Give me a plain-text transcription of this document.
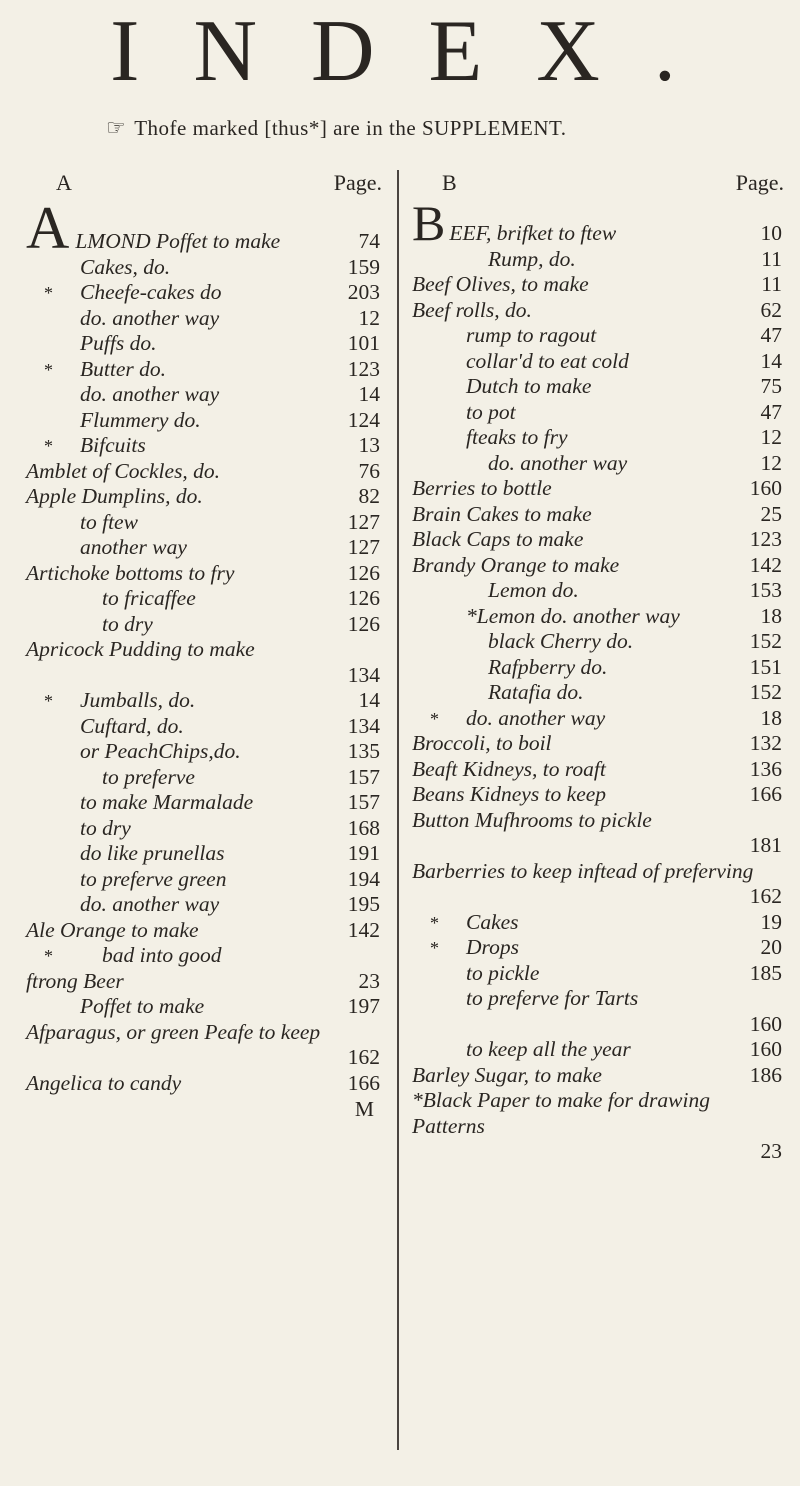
INDEX.
☞ Thofe marked [thus*] are in the SUPPLEMENT.
A	Page.
A LMOND Poffet to make	74
Cakes, do.	159
* Cheefe-cakes do	203
do. another way	12
Puffs do.	101
* Butter do.	123
do. another way	14
Flummery do.	124
* Bifcuits	13
Amblet of Cockles, do.	76
Apple Dumplins, do.	82
to ftew	127
another way	127
Artichoke bottoms to fry	126
to fricaffee	126
to dry	126
Apricock Pudding to make
134
* Jumballs, do.	14
Cuftard, do.	134
or PeachChips,do.	135
to preferve	157
to make Marmalade	157
to dry	168
do like prunellas	191
to preferve green	194
do. another way	195
Ale Orange to make	142
* bad into good
ftrong Beer	23
Poffet to make	197
Afparagus, or green Peafe to keep
162
Angelica to candy	166
M
B	Page.
B EEF, brifket to ftew	10
Rump, do.	11
Beef Olives, to make	11
Beef rolls, do.	62
rump to ragout	47
collar'd to eat cold	14
Dutch to make	75
to pot	47
fteaks to fry	12
do. another way	12
Berries to bottle	160
Brain Cakes to make	25
Black Caps to make	123
Brandy Orange to make	142
Lemon do.	153
*Lemon do. another way	18
black Cherry do.	152
Rafpberry do.	151
Ratafia do.	152
* do. another way	18
Broccoli, to boil	132
Beaft Kidneys, to roaft	136
Beans Kidneys to keep	166
Button Mufhrooms to pickle
181
Barberries to keep inftead of preferving
162
* Cakes	19
* Drops	20
to pickle	185
to preferve for Tarts
160
to keep all the year	160
Barley Sugar, to make	186
*Black Paper to make for drawing Patterns
23
